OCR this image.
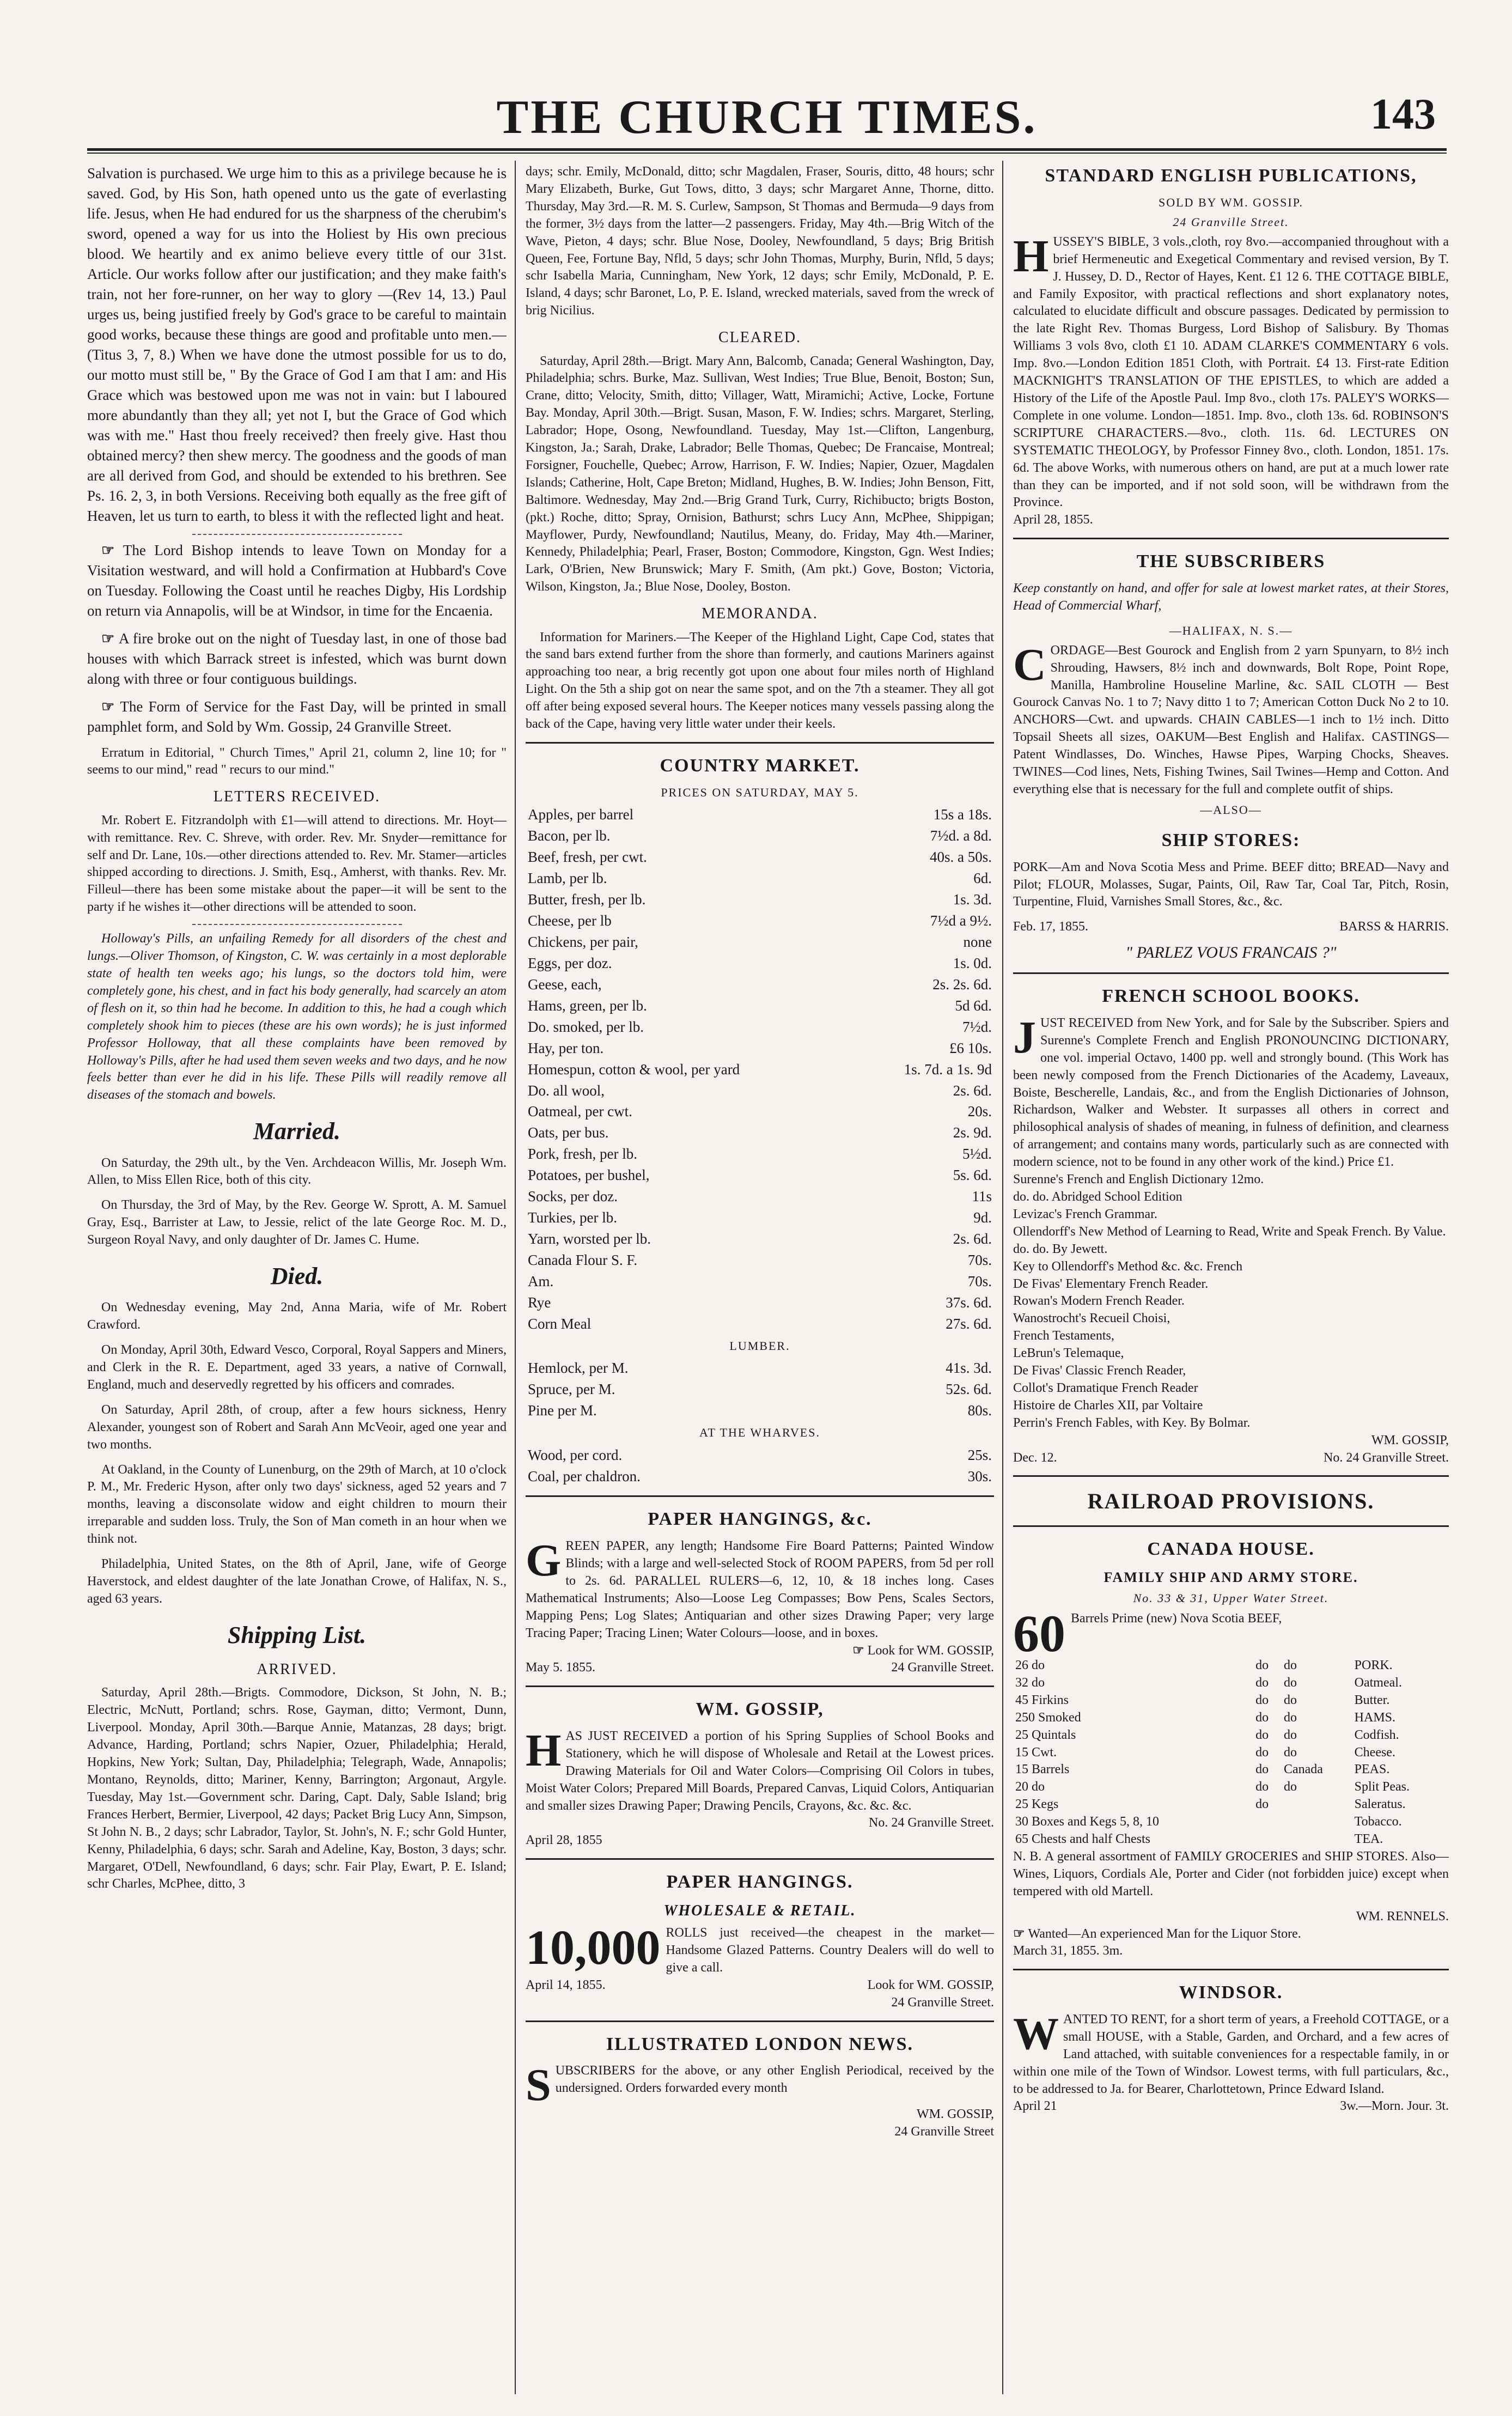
THE CHURCH TIMES.	143

Salvation is purchased. We urge him to this as a privilege because he is saved. God, by His Son, hath opened unto us the gate of everlasting life. Jesus, when He had endured for us the sharpness of the cherubim's sword, opened a way for us into the Holiest by His own precious blood. We heartily and ex animo believe every tittle of our 31st. Article. Our works follow after our justification; and they make faith's train, not her fore-runner, on her way to glory —(Rev 14, 13.) Paul urges us, being justified freely by God's grace to be careful to maintain good works, because these things are good and profitable unto men.—(Titus 3, 7, 8.) When we have done the utmost possible for us to do, our motto must still be, " By the Grace of God I am that I am: and His Grace which was bestowed upon me was not in vain: but I laboured more abundantly than they all; yet not I, but the Grace of God which was with me." Hast thou freely received? then freely give. Hast thou obtained mercy? then shew mercy. The goodness and the goods of man are all derived from God, and should be extended to his brethren. See Ps. 16. 2, 3, in both Versions. Receiving both equally as the free gift of Heaven, let us turn to earth, to bless it with the reflected light and heat.

☞ The Lord Bishop intends to leave Town on Monday for a Visitation westward, and will hold a Confirmation at Hubbard's Cove on Tuesday. Following the Coast until he reaches Digby, His Lordship on return via Annapolis, will be at Windsor, in time for the Encaenia.

☞ A fire broke out on the night of Tuesday last, in one of those bad houses with which Barrack street is infested, which was burnt down along with three or four contiguous buildings.

☞ The Form of Service for the Fast Day, will be printed in small pamphlet form, and Sold by Wm. Gossip, 24 Granville Street.

Erratum in Editorial, " Church Times," April 21, column 2, line 10; for " seems to our mind," read " recurs to our mind."

LETTERS RECEIVED.

Mr. Robert E. Fitzrandolph with £1—will attend to directions. Mr. Hoyt—with remittance. Rev. C. Shreve, with order. Rev. Mr. Snyder—remittance for self and Dr. Lane, 10s.—other directions attended to. Rev. Mr. Stamer—articles shipped according to directions. J. Smith, Esq., Amherst, with thanks. Rev. Mr. Filleul—there has been some mistake about the paper—it will be sent to the party if he wishes it—other directions will be attended to soon.

Holloway's Pills, an unfailing Remedy for all disorders of the chest and lungs.—Oliver Thomson, of Kingston, C. W. was certainly in a most deplorable state of health ten weeks ago; his lungs, so the doctors told him, were completely gone, his chest, and in fact his body generally, had scarcely an atom of flesh on it, so thin had he become. In addition to this, he had a cough which completely shook him to pieces (these are his own words); he is just informed Professor Holloway, that all these complaints have been removed by Holloway's Pills, after he had used them seven weeks and two days, and he now feels better than ever he did in his life. These Pills will readily remove all diseases of the stomach and bowels.

Married.

On Saturday, the 29th ult., by the Ven. Archdeacon Willis, Mr. Joseph Wm. Allen, to Miss Ellen Rice, both of this city.

On Thursday, the 3rd of May, by the Rev. George W. Sprott, A. M. Samuel Gray, Esq., Barrister at Law, to Jessie, relict of the late George Roc. M. D., Surgeon Royal Navy, and only daughter of Dr. James C. Hume.

Died.

On Wednesday evening, May 2nd, Anna Maria, wife of Mr. Robert Crawford.

On Monday, April 30th, Edward Vesco, Corporal, Royal Sappers and Miners, and Clerk in the R. E. Department, aged 33 years, a native of Cornwall, England, much and deservedly regretted by his officers and comrades.

On Saturday, April 28th, of croup, after a few hours sickness, Henry Alexander, youngest son of Robert and Sarah Ann McVeoir, aged one year and two months.

At Oakland, in the County of Lunenburg, on the 29th of March, at 10 o'clock P. M., Mr. Frederic Hyson, after only two days' sickness, aged 52 years and 7 months, leaving a disconsolate widow and eight children to mourn their irreparable and sudden loss. Truly, the Son of Man cometh in an hour when we think not.

Philadelphia, United States, on the 8th of April, Jane, wife of George Haverstock, and eldest daughter of the late Jonathan Crowe, of Halifax, N. S., aged 63 years.

Shipping List.
ARRIVED.

Saturday, April 28th.—Brigts. Commodore, Dickson, St John, N. B.; Electric, McNutt, Portland; schrs. Rose, Gayman, ditto; Vermont, Dunn, Liverpool. Monday, April 30th.—Barque Annie, Matanzas, 28 days; brigt. Advance, Harding, Portland; schrs Napier, Ozuer, Philadelphia; Herald, Hopkins, New York; Sultan, Day, Philadelphia; Telegraph, Wade, Annapolis; Montano, Reynolds, ditto; Mariner, Kenny, Barrington; Argonaut, Argyle. Tuesday, May 1st.—Government schr. Daring, Capt. Daly, Sable Island; brig Frances Herbert, Bermier, Liverpool, 42 days; Packet Brig Lucy Ann, Simpson, St John N. B., 2 days; schr Labrador, Taylor, St. John's, N. F.; schr Gold Hunter, Kenny, Philadelphia, 6 days; schr. Sarah and Adeline, Kay, Boston, 3 days; schr. Margaret, O'Dell, Newfoundland, 6 days; schr. Fair Play, Ewart, P. E. Island; schr Charles, McPhee, ditto, 3

days; schr. Emily, McDonald, ditto; schr Magdalen, Fraser, Souris, ditto, 48 hours; schr Mary Elizabeth, Burke, Gut Tows, ditto, 3 days; schr Margaret Anne, Thorne, ditto. Thursday, May 3rd.—R. M. S. Curlew, Sampson, St Thomas and Bermuda—9 days from the former, 3½ days from the latter—2 passengers. Friday, May 4th.—Brig Witch of the Wave, Pieton, 4 days; schr. Blue Nose, Dooley, Newfoundland, 5 days; Brig British Queen, Fee, Fortune Bay, Nfld, 5 days; schr John Thomas, Murphy, Burin, Nfld, 5 days; schr Isabella Maria, Cunningham, New York, 12 days; schr Emily, McDonald, P. E. Island, 4 days; schr Baronet, Lo, P. E. Island, wrecked materials, saved from the wreck of brig Nicilius.

CLEARED.

Saturday, April 28th.—Brigt. Mary Ann, Balcomb, Canada; General Washington, Day, Philadelphia; schrs. Burke, Maz. Sullivan, West Indies; True Blue, Benoit, Boston; Sun, Crane, ditto; Velocity, Smith, ditto; Villager, Watt, Miramichi; Active, Locke, Fortune Bay. Monday, April 30th.—Brigt. Susan, Mason, F. W. Indies; schrs. Margaret, Sterling, Labrador; Hope, Osong, Newfoundland. Tuesday, May 1st.—Clifton, Langenburg, Kingston, Ja.; Sarah, Drake, Labrador; Belle Thomas, Quebec; De Francaise, Montreal; Forsigner, Fouchelle, Quebec; Arrow, Harrison, F. W. Indies; Napier, Ozuer, Magdalen Islands; Catherine, Holt, Cape Breton; Midland, Hughes, B. W. Indies; John Benson, Fitt, Baltimore. Wednesday, May 2nd.—Brig Grand Turk, Curry, Richibucto; brigts Boston, (pkt.) Roche, ditto; Spray, Ornision, Bathurst; schrs Lucy Ann, McPhee, Shippigan; Mayflower, Purdy, Newfoundland; Nautilus, Meany, do. Friday, May 4th.—Mariner, Kennedy, Philadelphia; Pearl, Fraser, Boston; Commodore, Kingston, Ggn. West Indies; Lark, O'Brien, New Brunswick; Mary F. Smith, (Am pkt.) Gove, Boston; Victoria, Wilson, Kingston, Ja.; Blue Nose, Dooley, Boston.

MEMORANDA.

Information for Mariners.—The Keeper of the Highland Light, Cape Cod, states that the sand bars extend further from the shore than formerly, and cautions Mariners against approaching too near, a brig recently got upon one about four miles north of Highland Light. On the 5th a ship got on near the same spot, and on the 7th a steamer. They all got off after being exposed several hours. The Keeper notices many vessels passing along the back of the Cape, having very little water under their keels.

COUNTRY MARKET.
PRICES ON SATURDAY, MAY 5.
Apples, per barrel	15s a 18s.
Bacon, per lb.	7½d. a 8d.
Beef, fresh, per cwt.	40s. a 50s.
Lamb, per lb.	6d.
Butter, fresh, per lb.	1s. 3d.
Cheese, per lb	7½d a 9½.
Chickens, per pair,	none
Eggs, per doz.	1s. 0d.
Geese, each,	2s. 2s. 6d.
Hams, green, per lb.	5d 6d.
Do. smoked, per lb.	7½d.
Hay, per ton.	£6 10s.
Homespun, cotton & wool, per yard	1s. 7d. a 1s. 9d
Do. all wool,	2s. 6d.
Oatmeal, per cwt.	20s.
Oats, per bus.	2s. 9d.
Pork, fresh, per lb.	5½d.
Potatoes, per bushel,	5s. 6d.
Socks, per doz.	11s
Turkies, per lb.	9d.
Yarn, worsted per lb.	2s. 6d.
Canada Flour S. F.	70s.
Am.	70s.
Rye	37s. 6d.
Corn Meal	27s. 6d.
LUMBER.
Hemlock, per M.	41s. 3d.
Spruce, per M.	52s. 6d.
Pine per M.	80s.
AT THE WHARVES.
Wood, per cord.	25s.
Coal, per chaldron.	30s.
PAPER HANGINGS, &c.
G REEN PAPER, any length; Handsome Fire Board Patterns; Painted Window Blinds; with a large and well-selected Stock of ROOM PAPERS, from 5d per roll to 2s. 6d. PARALLEL RULERS—6, 12, 10, & 18 inches long. Cases Mathematical Instruments; Also—Loose Leg Compasses; Bow Pens, Scales Sectors, Mapping Pens; Log Slates; Antiquarian and other sizes Drawing Paper; very large Tracing Paper; Tracing Linen; Water Colours—loose, and in boxes.
☞ Look for WM. GOSSIP,
May 5. 1855.	24 Granville Street.
WM. GOSSIP,
H AS JUST RECEIVED a portion of his Spring Supplies of School Books and Stationery, which he will dispose of Wholesale and Retail at the Lowest prices. Drawing Materials for Oil and Water Colors—Comprising Oil Colors in tubes, Moist Water Colors; Prepared Mill Boards, Prepared Canvas, Liquid Colors, Antiquarian and smaller sizes Drawing Paper; Drawing Pencils, Crayons, &c. &c. &c.
No. 24 Granville Street.
April 28, 1855
PAPER HANGINGS.
WHOLESALE & RETAIL.
10,000 ROLLS just received—the cheapest in the market—Handsome Glazed Patterns. Country Dealers will do well to give a call.
April 14, 1855.	Look for WM. GOSSIP,
24 Granville Street.
ILLUSTRATED LONDON NEWS.
S UBSCRIBERS for the above, or any other English Periodical, received by the undersigned. Orders forwarded every month
WM. GOSSIP,
24 Granville Street
STANDARD ENGLISH PUBLICATIONS,
SOLD BY WM. GOSSIP.
24 Granville Street.
H USSEY'S BIBLE, 3 vols.,cloth, roy 8vo.—accompanied throughout with a brief Hermeneutic and Exegetical Commentary and revised version, By T. J. Hussey, D. D., Rector of Hayes, Kent. £1 12 6. THE COTTAGE BIBLE, and Family Expositor, with practical reflections and short explanatory notes, calculated to elucidate difficult and obscure passages. Dedicated by permission to the late Right Rev. Thomas Burgess, Lord Bishop of Salisbury. By Thomas Williams 3 vols 8vo, cloth £1 10. ADAM CLARKE'S COMMENTARY 6 vols. Imp. 8vo.—London Edition 1851 Cloth, with Portrait. £4 13. First-rate Edition MACKNIGHT'S TRANSLATION OF THE EPISTLES, to which are added a History of the Life of the Apostle Paul. Imp 8vo., cloth 17s. PALEY'S WORKS—Complete in one volume. London—1851. Imp. 8vo., cloth 13s. 6d. ROBINSON'S SCRIPTURE CHARACTERS.—8vo., cloth. 11s. 6d. LECTURES ON SYSTEMATIC THEOLOGY, by Professor Finney 8vo., cloth. London, 1851. 17s. 6d. The above Works, with numerous others on hand, are put at a much lower rate than they can be imported, and if not sold soon, will be withdrawn from the Province.
April 28, 1855.
THE SUBSCRIBERS

Keep constantly on hand, and offer for sale at lowest market rates, at their Stores, Head of Commercial Wharf,

—HALIFAX, N. S.—
C ORDAGE—Best Gourock and English from 2 yarn Spunyarn, to 8½ inch Shrouding, Hawsers, 8½ inch and downwards, Bolt Rope, Point Rope, Manilla, Hambroline Houseline Marline, &c. SAIL CLOTH — Best Gourock Canvas No. 1 to 7; Navy ditto 1 to 7; American Cotton Duck No 2 to 10. ANCHORS—Cwt. and upwards. CHAIN CABLES—1 inch to 1½ inch. Ditto Topsail Sheets all sizes, OAKUM—Best English and Halifax. CASTINGS—Patent Windlasses, Do. Winches, Hawse Pipes, Warping Chocks, Sheaves. TWINES—Cod lines, Nets, Fishing Twines, Sail Twines—Hemp and Cotton. And everything else that is necessary for the full and complete outfit of ships.
—ALSO—
SHIP STORES:

PORK—Am and Nova Scotia Mess and Prime. BEEF ditto; BREAD—Navy and Pilot; FLOUR, Molasses, Sugar, Paints, Oil, Raw Tar, Coal Tar, Pitch, Rosin, Turpentine, Fluid, Varnishes Small Stores, &c., &c.

Feb. 17, 1855.	BARSS & HARRIS.
" PARLEZ VOUS FRANCAIS ?"
FRENCH SCHOOL BOOKS.
J UST RECEIVED from New York, and for Sale by the Subscriber. Spiers and Surenne's Complete French and English PRONOUNCING DICTIONARY, one vol. imperial Octavo, 1400 pp. well and strongly bound. (This Work has been newly composed from the French Dictionaries of the Academy, Laveaux, Boiste, Bescherelle, Landais, &c., and from the English Dictionaries of Johnson, Richardson, Walker and Webster. It surpasses all others in correct and philosophical analysis of shades of meaning, in fulness of definition, and clearness of arrangement; and contains many words, particularly such as are connected with modern science, not to be found in any other work of the kind.) Price £1.
Surenne's French and English Dictionary 12mo.
do. do. Abridged School Edition
Levizac's French Grammar.
Ollendorff's New Method of Learning to Read, Write and Speak French. By Value.
do. do. By Jewett.
Key to Ollendorff's Method &c. &c. French
De Fivas' Elementary French Reader.
Rowan's Modern French Reader.
Wanostrocht's Recueil Choisi,
French Testaments,
LeBrun's Telemaque,
De Fivas' Classic French Reader,
Collot's Dramatique French Reader
Histoire de Charles XII, par Voltaire
Perrin's French Fables, with Key. By Bolmar.
WM. GOSSIP,
Dec. 12.	No. 24 Granville Street.
RAILROAD PROVISIONS.
CANADA HOUSE.
FAMILY SHIP AND ARMY STORE.
No. 33 & 31, Upper Water Street.
60 Barrels Prime (new) Nova Scotia BEEF,
26 do	do	do	PORK.
32 do	do	do	Oatmeal.
45 Firkins	do	do	Butter.
250 Smoked	do	do	HAMS.
25 Quintals	do	do	Codfish.
15 Cwt.	do	do	Cheese.
15 Barrels	do	Canada	PEAS.
20 do	do	do	Split Peas.
25 Kegs	do		Saleratus.
30 Boxes and Kegs 5, 8, 10			Tobacco.
65 Chests and half Chests			TEA.

N. B. A general assortment of FAMILY GROCERIES and SHIP STORES. Also—Wines, Liquors, Cordials Ale, Porter and Cider (not forbidden juice) except when tempered with old Martell.

WM. RENNELS.
☞ Wanted—An experienced Man for the Liquor Store.
March 31, 1855. 3m.
WINDSOR.
W ANTED TO RENT, for a short term of years, a Freehold COTTAGE, or a small HOUSE, with a Stable, Garden, and Orchard, and a few acres of Land attached, with suitable conveniences for a respectable family, in or within one mile of the Town of Windsor. Lowest terms, with full particulars, &c., to be addressed to Ja. for Bearer, Charlottetown, Prince Edward Island.
April 21	3w.—Morn. Jour. 3t.
